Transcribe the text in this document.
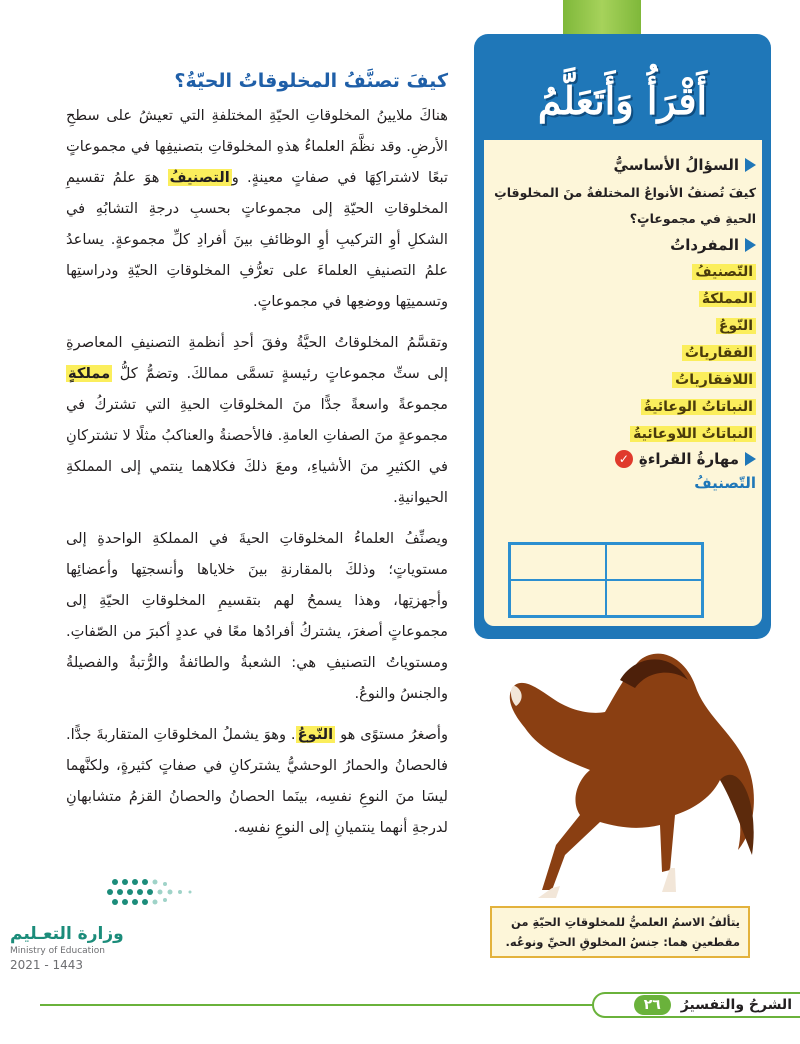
كيفَ تصنَّفُ المخلوقاتُ الحيّةُ؟

هناكَ ملايينُ المخلوقاتِ الحيّةِ المختلفةِ التي تعيشُ على سطحِ الأرضِ. وقد نظَّمَ العلماءُ هذهِ المخلوقاتِ بتصنيفِها في مجموعاتٍ تبعًا لاشتراكِهَا في صفاتٍ معينةٍ. والتصنيفُ هوَ علمُ تقسيمِ المخلوقاتِ الحيّةِ إلى مجموعاتٍ بحسبِ درجةِ التشابُهِ في الشكلِ أوِ التركيبِ أوِ الوظائفِ بينَ أفرادِ كلِّ مجموعةٍ. يساعدُ علمُ التصنيفِ العلماءَ على تعرُّفِ المخلوقاتِ الحيّةِ ودراستِها وتسميتِها ووضعِها في مجموعاتٍ.

وتقسَّمُ المخلوقاتُ الحيَّةُ وفقَ أحدِ أنظمةِ التصنيفِ المعاصرةِ إلى ستِّ مجموعاتٍ رئيسةٍ تسمَّى ممالكَ. وتضمُّ كلُّ مملكةٍ مجموعةً واسعةً جدًّا منَ المخلوقاتِ الحيةِ التي تشتركُ في مجموعةٍ منَ الصفاتِ العامةِ. فالأحصنةُ والعناكبُ مثلًا لا تشتركانِ في الكثيرِ منَ الأشياءِ، ومعَ ذلكَ فكلاهما ينتمي إلى المملكةِ الحيوانيةِ.

ويصنِّفُ العلماءُ المخلوقاتِ الحيةَ في المملكةِ الواحدةِ إلى مستوياتٍ؛ وذلكَ بالمقارنةِ بينَ خلاياها وأنسجتِها وأعضائِها وأجهزتِها، وهذا يسمحُ لهم بتقسيمِ المخلوقاتِ الحيّةِ إلى مجموعاتٍ أصغرَ، يشتركُ أفرادُها معًا في عددٍ أكبرَ من الصّفاتِ. ومستوياتُ التصنيفِ هي: الشعبةُ والطائفةُ والرُّتبةُ والفصيلةُ والجنسُ والنوعُ.

وأصغرُ مستوًى هو النّوعُ. وهوَ يشملُ المخلوقاتِ المتقاربةَ جدًّا. فالحصانُ والحمارُ الوحشيُّ يشتركانِ في صفاتٍ كثيرةٍ، ولكنَّهما ليسَا منَ النوعِ نفسِه، بينَما الحصانُ والحصانُ القزمُ متشابهانِ لدرجةِ أنهما ينتميانِ إلى النوعِ نفسِه.

أَقْرَأُ وَأَتَعَلَّمُ
السؤالُ الأساسيُّ

كيفَ تُصنفُ الأنواعُ المختلفةُ منَ المخلوقاتِ الحيةِ في مجموعاتٍ؟

المفرداتُ
التّصنيفُ
المملكةُ
النّوعُ
الفقارياتُ
اللافقارياتُ
النباتاتُ الوعائيةُ
النباتاتُ اللاوعائيةُ
مهارةُ القراءةِ
✓
التّصنيفُ
يتألفُ الاسمُ العلميُّ للمخلوقاتِ الحيّةِ من مقطعينِ هما: جنسُ المخلوقِ الحيِّ ونوعُه.
وزارة التعـليم
Ministry of Education
2021 - 1443
الشرحُ والتفسيرُ
٢٦
